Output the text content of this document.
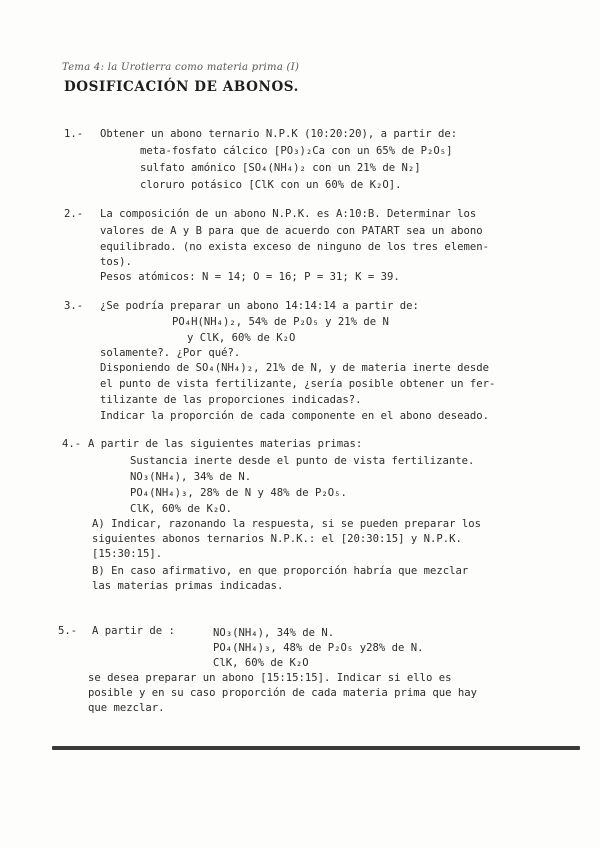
Tema 4: la Urotierra como materia prima (I)
DOSIFICACIÓN DE ABONOS.
1.- Obtener un abono ternario N.P.K (10:20:20), a partir de:
meta-fosfato cálcico [PO₃)₂Ca con un 65% de P₂O₅]
sulfato amónico [SO₄(NH₄)₂ con un 21% de N₂]
cloruro potásico [ClK con un 60% de K₂O].
2.- La composición de un abono N.P.K. es A:10:B. Determinar los
valores de A y B para que de acuerdo con PATART sea un abono
equilibrado. (no exista exceso de ninguno de los tres elemen-
tos).
Pesos atómicos: N = 14; O = 16; P = 31; K = 39.
3.- ¿Se podría preparar un abono 14:14:14 a partir de:
PO₄H(NH₄)₂, 54% de P₂O₅ y 21% de N
y ClK, 60% de K₂O
solamente?. ¿Por qué?.
Disponiendo de SO₄(NH₄)₂, 21% de N, y de materia inerte desde
el punto de vista fertilizante, ¿sería posible obtener un fer-
tilizante de las proporciones indicadas?.
Indicar la proporción de cada componente en el abono deseado.
4.- A partir de las siguientes materias primas:
Sustancia inerte desde el punto de vista fertilizante.
NO₃(NH₄), 34% de N.
PO₄(NH₄)₃, 28% de N y 48% de P₂O₅.
ClK, 60% de K₂O.
A) Indicar, razonando la respuesta, si se pueden preparar los
siguientes abonos ternarios N.P.K.: el [20:30:15] y N.P.K.
[15:30:15].
B) En caso afirmativo, en que proporción habría que mezclar
las materias primas indicadas.
5.- A partir de :	NO₃(NH₄), 34% de N.
PO₄(NH₄)₃, 48% de P₂O₅ y28% de N.
ClK, 60% de K₂O
se desea preparar un abono [15:15:15]. Indicar si ello es
posible y en su caso proporción de cada materia prima que hay
que mezclar.
